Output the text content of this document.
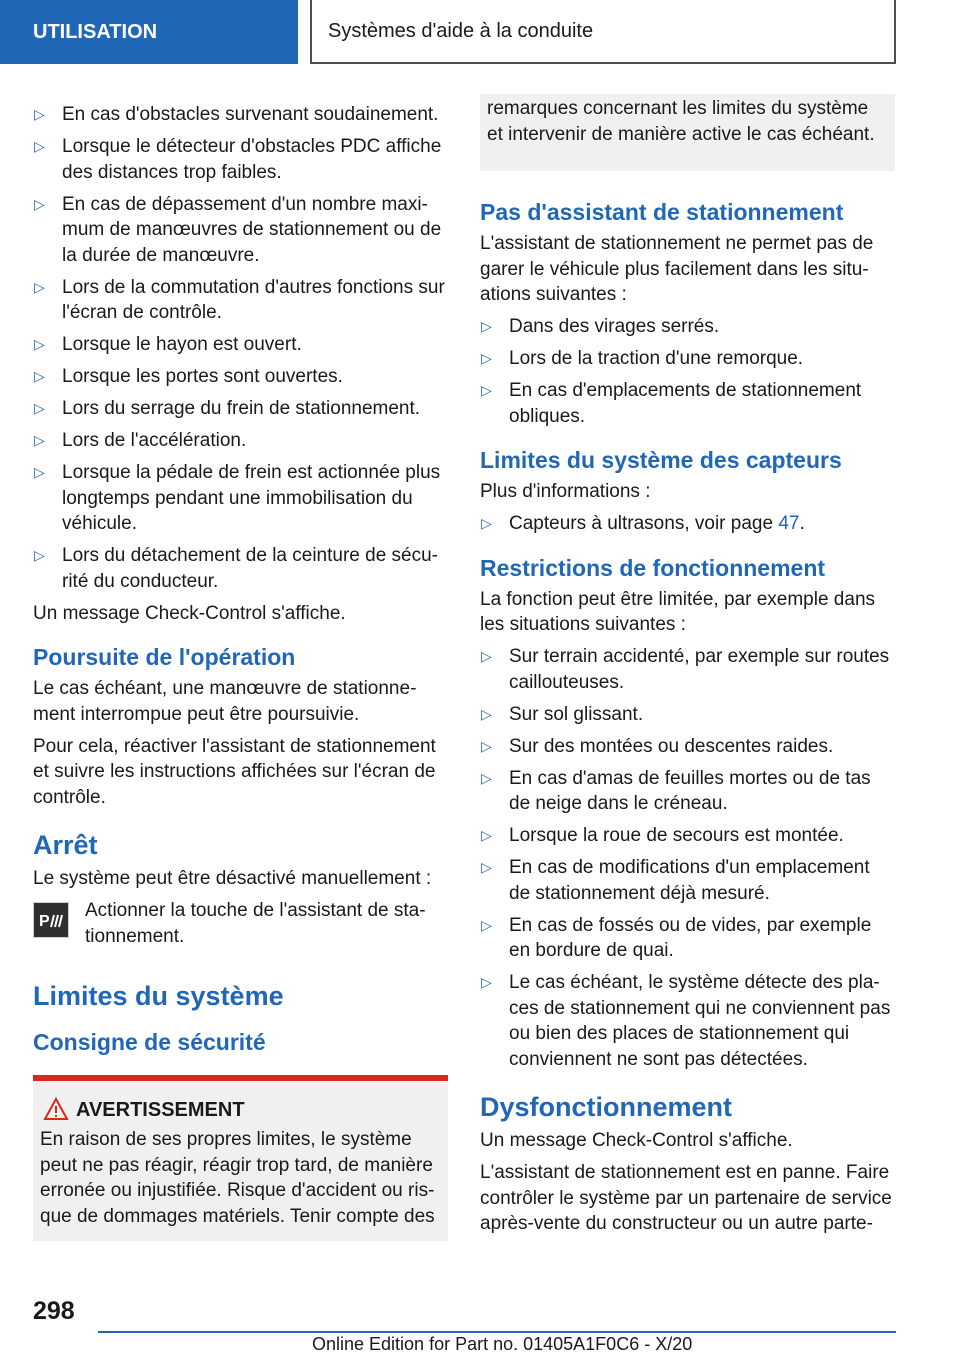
UTILISATION	Systèmes d'aide à la conduite
▷ En cas d'obstacles survenant soudainement.
▷ Lorsque le détecteur d'obstacles PDC affiche des distances trop faibles.
▷ En cas de dépassement d'un nombre maxi-mum de manœuvres de stationnement ou de la durée de manœuvre.
▷ Lors de la commutation d'autres fonctions sur l'écran de contrôle.
▷ Lorsque le hayon est ouvert.
▷ Lorsque les portes sont ouvertes.
▷ Lors du serrage du frein de stationnement.
▷ Lors de l'accélération.
▷ Lorsque la pédale de frein est actionnée plus longtemps pendant une immobilisation du véhicule.
▷ Lors du détachement de la ceinture de sécu-rité du conducteur.

Un message Check-Control s'affiche.

Poursuite de l'opération

Le cas échéant, une manœuvre de stationne-ment interrompue peut être poursuivie.

Pour cela, réactiver l'assistant de stationnement et suivre les instructions affichées sur l'écran de contrôle.

Arrêt

Le système peut être désactivé manuellement :

P
Actionner la touche de l'assistant de sta-tionnement.
Limites du système
Consigne de sécurité
AVERTISSEMENT
En raison de ses propres limites, le système peut ne pas réagir, réagir trop tard, de manière erronée ou injustifiée. Risque d'accident ou ris-que de dommages matériels. Tenir compte des
remarques concernant les limites du système et intervenir de manière active le cas échéant.
Pas d'assistant de stationnement

L'assistant de stationnement ne permet pas de garer le véhicule plus facilement dans les situ-ations suivantes :

▷ Dans des virages serrés.
▷ Lors de la traction d'une remorque.
▷ En cas d'emplacements de stationnement obliques.
Limites du système des capteurs

Plus d'informations :

▷ Capteurs à ultrasons, voir page 47.
Restrictions de fonctionnement

La fonction peut être limitée, par exemple dans les situations suivantes :

▷ Sur terrain accidenté, par exemple sur routes caillouteuses.
▷ Sur sol glissant.
▷ Sur des montées ou descentes raides.
▷ En cas d'amas de feuilles mortes ou de tas de neige dans le créneau.
▷ Lorsque la roue de secours est montée.
▷ En cas de modifications d'un emplacement de stationnement déjà mesuré.
▷ En cas de fossés ou de vides, par exemple en bordure de quai.
▷ Le cas échéant, le système détecte des pla-ces de stationnement qui ne conviennent pas ou bien des places de stationnement qui conviennent ne sont pas détectées.
Dysfonctionnement

Un message Check-Control s'affiche.

L'assistant de stationnement est en panne. Faire contrôler le système par un partenaire de service après-vente du constructeur ou un autre parte-

298
Online Edition for Part no. 01405A1F0C6 - X/20
